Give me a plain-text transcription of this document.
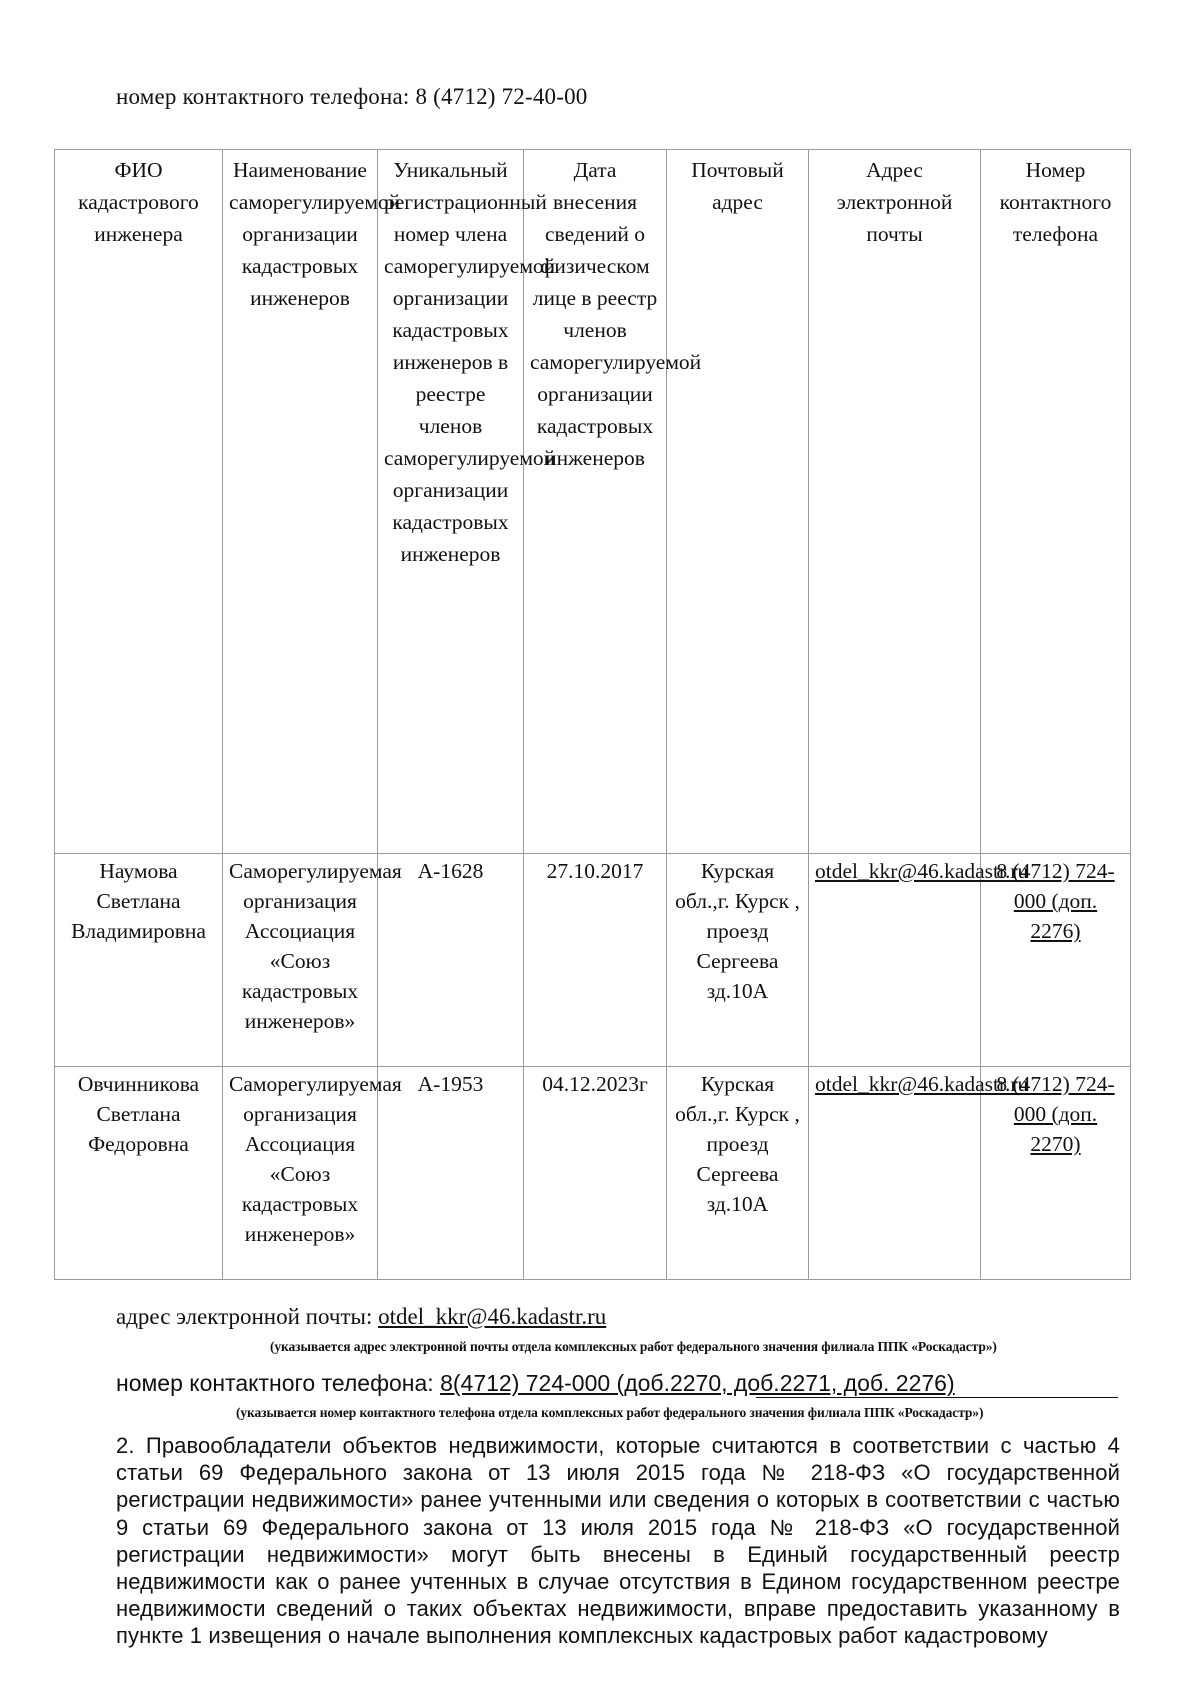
номер контактного телефона: 8 (4712) 72-40-00
ФИО кадастрового инженера	Наименование саморегулируемой организации кадастровых инженеров	Уникальный регистрационный номер члена саморегулируемой организации кадастровых инженеров в реестре членов саморегулируемой организации кадастровых инженеров	Дата внесения сведений о физическом лице в реестр членов саморегулируемой организации кадастровых инженеров	Почтовый адрес	Адрес электронной почты	Номер контактного телефона
Наумова Светлана Владимировна	Саморегулируемая организация Ассоциация «Союз кадастровых инженеров»	А-1628	27.10.2017	Курская обл.,г. Курск , проезд Сергеева зд.10А	otdel_kkr@46.kadastr.ru	8 (4712) 724-000 (доп. 2276)
Овчинникова Светлана Федоровна	Саморегулируемая организация Ассоциация «Союз кадастровых инженеров»	А-1953	04.12.2023г	Курская обл.,г. Курск , проезд Сергеева зд.10А	otdel_kkr@46.kadastr.ru	8 (4712) 724-000 (доп. 2270)
адрес электронной почты: otdel_kkr@46.kadastr.ru
(указывается адрес электронной почты отдела комплексных работ федерального значения филиала ППК «Роскадастр»)
номер контактного телефона: 8(4712) 724-000 (доб.2270, доб.2271, доб. 2276)
(указывается номер контактного телефона отдела комплексных работ федерального значения филиала ППК «Роскадастр»)
2. Правообладатели объектов недвижимости, которые считаются в соответствии с частью 4 статьи 69 Федерального закона от 13 июля 2015 года № 218-ФЗ «О государственной регистрации недвижимости» ранее учтенными или сведения о которых в соответствии с частью 9 статьи 69 Федерального закона от 13 июля 2015 года № 218-ФЗ «О государственной регистрации недвижимости» могут быть внесены в Единый государственный реестр недвижимости как о ранее учтенных в случае отсутствия в Едином государственном реестре недвижимости сведений о таких объектах недвижимости, вправе предоставить указанному в пункте 1 извещения о начале выполнения комплексных кадастровых работ кадастровому
